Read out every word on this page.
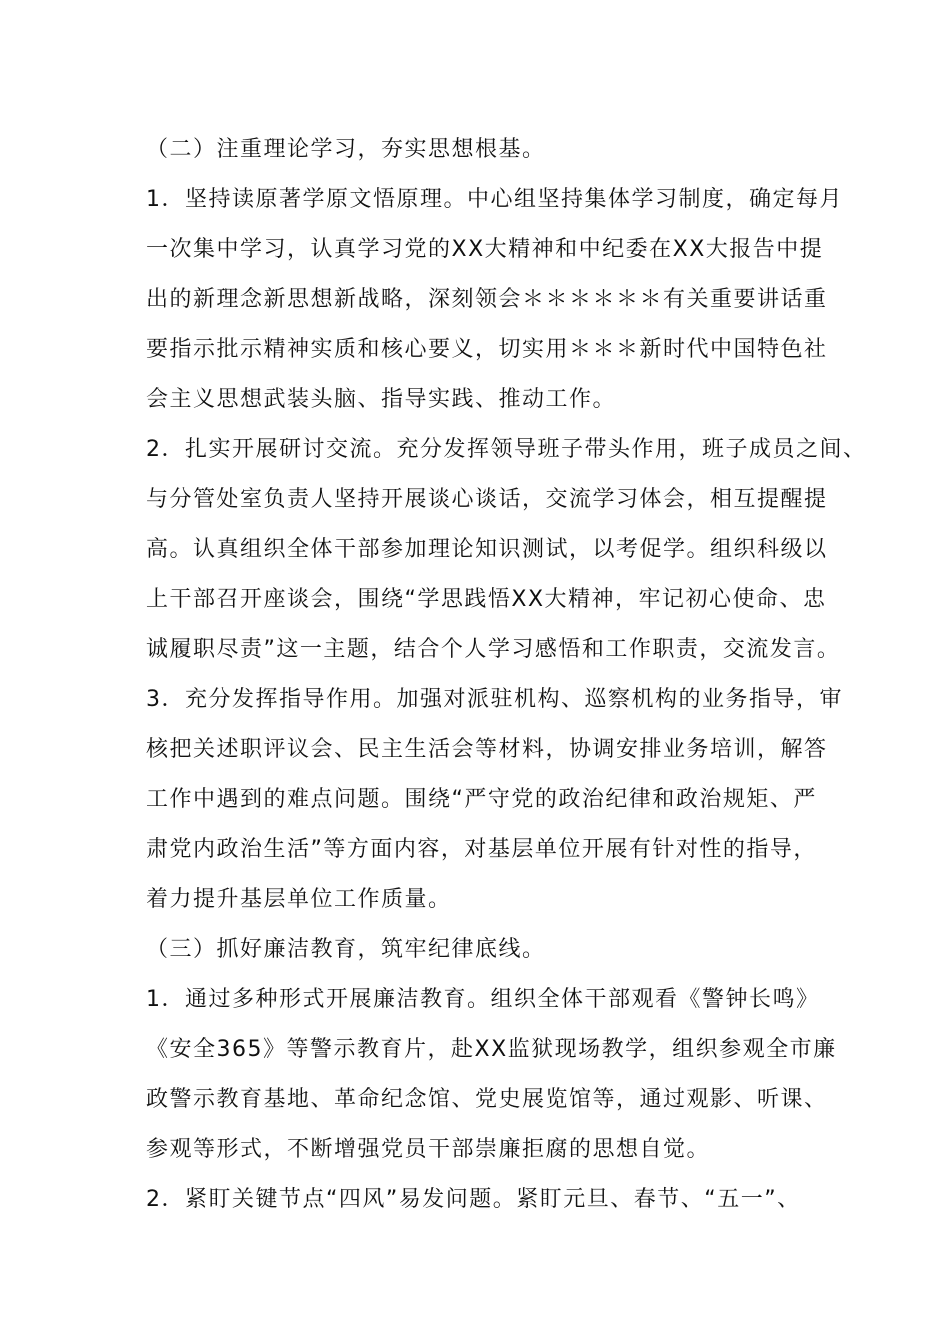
（二）注重理论学习，夯实思想根基。
1．坚持读原著学原文悟原理。中心组坚持集体学习制度，确定每月
一次集中学习，认真学习党的XX大精神和中纪委在XX大报告中提
出的新理念新思想新战略，深刻领会＊＊＊＊＊＊有关重要讲话重
要指示批示精神实质和核心要义，切实用＊＊＊新时代中国特色社
会主义思想武装头脑、指导实践、推动工作。
2．扎实开展研讨交流。充分发挥领导班子带头作用，班子成员之间、
与分管处室负责人坚持开展谈心谈话，交流学习体会，相互提醒提
高。认真组织全体干部参加理论知识测试，以考促学。组织科级以
上干部召开座谈会，围绕“学思践悟XX大精神，牢记初心使命、忠
诚履职尽责”这一主题，结合个人学习感悟和工作职责，交流发言。
3．充分发挥指导作用。加强对派驻机构、巡察机构的业务指导，审
核把关述职评议会、民主生活会等材料，协调安排业务培训，解答
工作中遇到的难点问题。围绕“严守党的政治纪律和政治规矩、严
肃党内政治生活”等方面内容，对基层单位开展有针对性的指导，
着力提升基层单位工作质量。
（三）抓好廉洁教育，筑牢纪律底线。
1．通过多种形式开展廉洁教育。组织全体干部观看《警钟长鸣》
《安全365》等警示教育片，赴XX监狱现场教学，组织参观全市廉
政警示教育基地、革命纪念馆、党史展览馆等，通过观影、听课、
参观等形式，不断增强党员干部崇廉拒腐的思想自觉。
2．紧盯关键节点“四风”易发问题。紧盯元旦、春节、“五一”、
